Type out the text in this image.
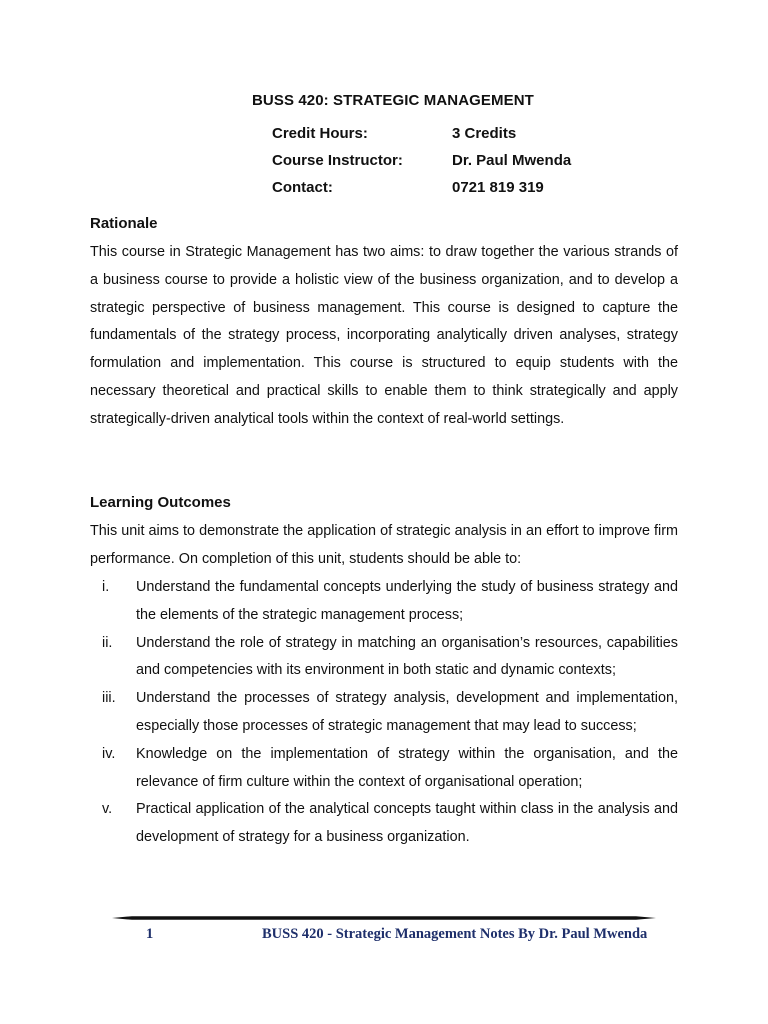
BUSS 420: STRATEGIC MANAGEMENT
Credit Hours:	3 Credits
Course Instructor:	Dr. Paul Mwenda
Contact:	0721 819 319
Rationale
This course in Strategic Management has two aims: to draw together the various strands of a business course to provide a holistic view of the business organization, and to develop a strategic perspective of business management. This course is designed to capture the fundamentals of the strategy process, incorporating analytically driven analyses, strategy formulation and implementation. This course is structured to equip students with the necessary theoretical and practical skills to enable them to think strategically and apply strategically-driven analytical tools within the context of real-world settings.
Learning Outcomes
This unit aims to demonstrate the application of strategic analysis in an effort to improve firm performance. On completion of this unit, students should be able to:
i.	Understand the fundamental concepts underlying the study of business strategy and the elements of the strategic management process;
ii.	Understand the role of strategy in matching an organisation’s resources, capabilities and competencies with its environment in both static and dynamic contexts;
iii.	Understand the processes of strategy analysis, development and implementation, especially those processes of strategic management that may lead to success;
iv.	Knowledge on the implementation of strategy within the organisation, and the relevance of firm culture within the context of organisational operation;
v.	Practical application of the analytical concepts taught within class in the analysis and development of strategy for a business organization.
1	BUSS 420 - Strategic Management Notes By Dr. Paul Mwenda
